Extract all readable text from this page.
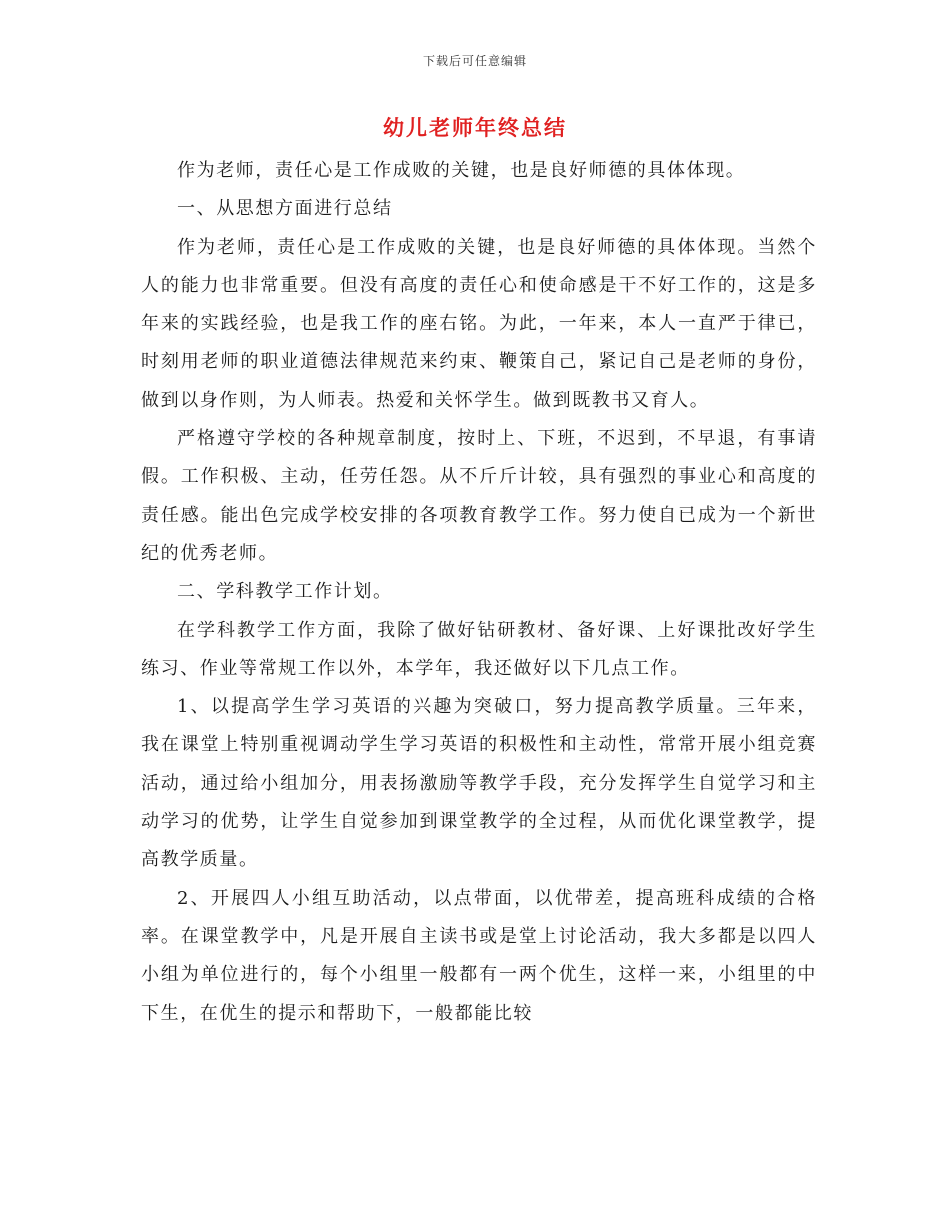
下载后可任意编辑
幼儿老师年终总结

作为老师，责任心是工作成败的关键，也是良好师德的具体体现。

一、从思想方面进行总结

作为老师，责任心是工作成败的关键，也是良好师德的具体体现。当然个人的能力也非常重要。但没有高度的责任心和使命感是干不好工作的，这是多年来的实践经验，也是我工作的座右铭。为此，一年来，本人一直严于律已，时刻用老师的职业道德法律规范来约束、鞭策自己，紧记自己是老师的身份，做到以身作则，为人师表。热爱和关怀学生。做到既教书又育人。

严格遵守学校的各种规章制度，按时上、下班，不迟到，不早退，有事请假。工作积极、主动，任劳任怨。从不斤斤计较，具有强烈的事业心和高度的责任感。能出色完成学校安排的各项教育教学工作。努力使自已成为一个新世纪的优秀老师。

二、学科教学工作计划。

在学科教学工作方面，我除了做好钻研教材、备好课、上好课批改好学生练习、作业等常规工作以外，本学年，我还做好以下几点工作。

1、以提高学生学习英语的兴趣为突破口，努力提高教学质量。三年来，我在课堂上特别重视调动学生学习英语的积极性和主动性，常常开展小组竞赛活动，通过给小组加分，用表扬激励等教学手段，充分发挥学生自觉学习和主动学习的优势，让学生自觉参加到课堂教学的全过程，从而优化课堂教学，提高教学质量。

2、开展四人小组互助活动，以点带面，以优带差，提高班科成绩的合格率。在课堂教学中，凡是开展自主读书或是堂上讨论活动，我大多都是以四人小组为单位进行的，每个小组里一般都有一两个优生，这样一来，小组里的中下生，在优生的提示和帮助下，一般都能比较
